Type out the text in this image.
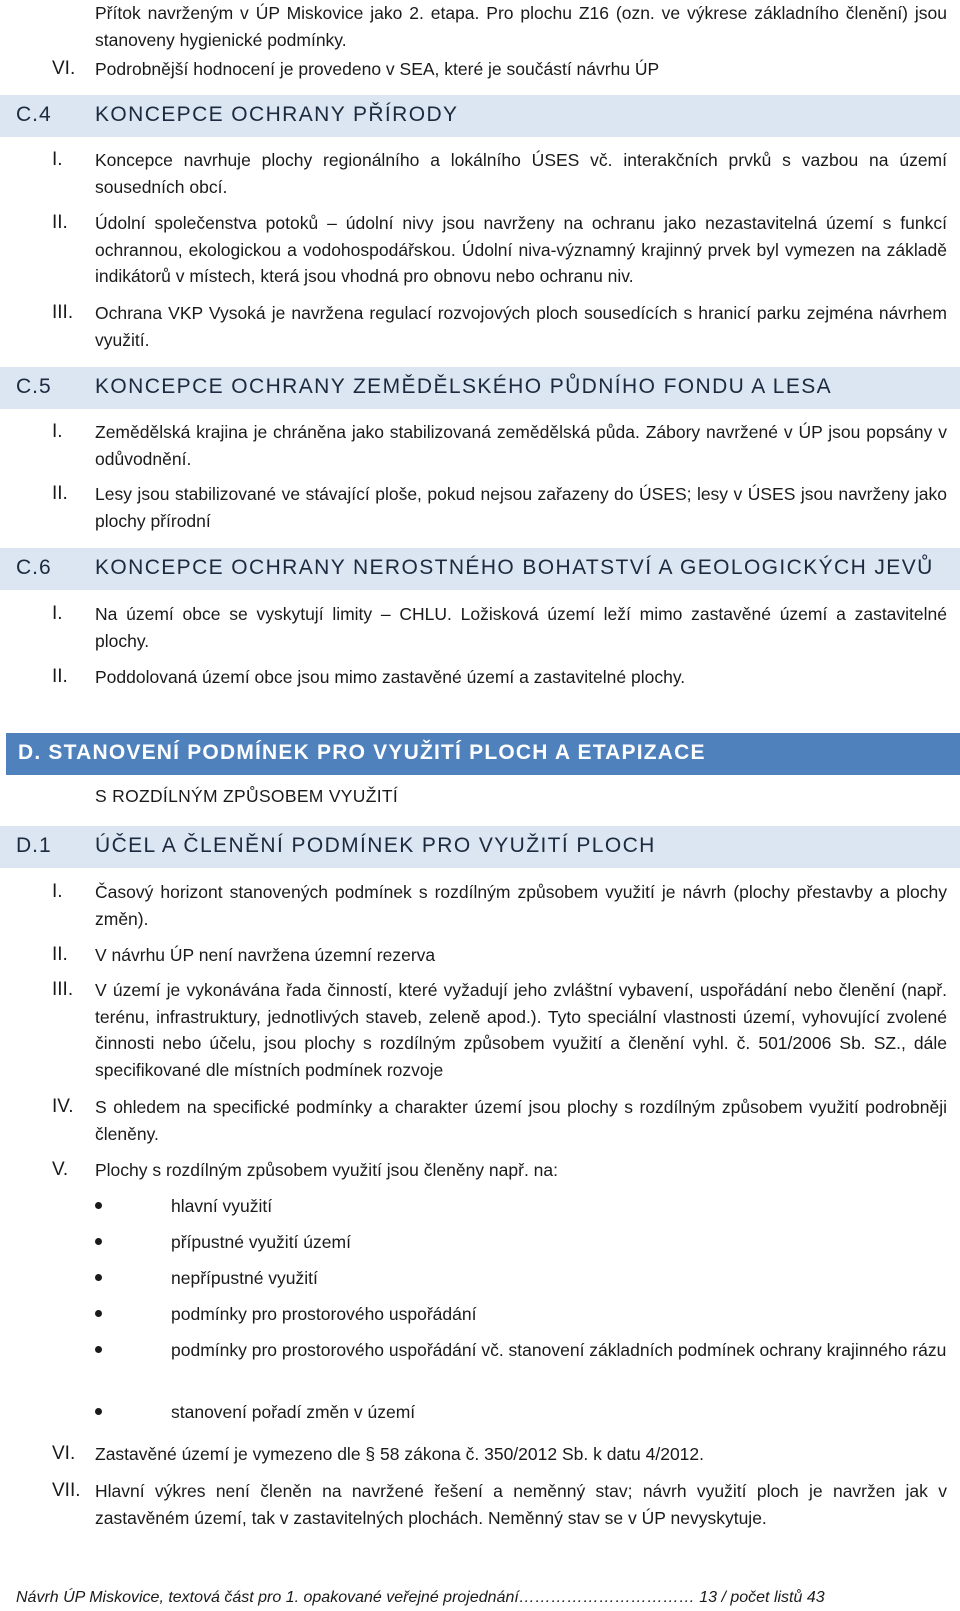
Přítok navrženým v ÚP Miskovice jako 2. etapa. Pro plochu Z16 (ozn. ve výkrese základního členění) jsou stanoveny hygienické podmínky.
VI. Podrobnější hodnocení je provedeno v SEA, které je součástí návrhu ÚP
C.4 KONCEPCE OCHRANY PŘÍRODY
I. Koncepce navrhuje plochy regionálního a lokálního ÚSES vč. interakčních prvků s vazbou na území sousedních obcí.
II. Údolní společenstva potoků – údolní nivy jsou navrženy na ochranu jako nezastavitelná území s funkcí ochrannou, ekologickou a vodohospodářskou. Údolní niva-významný krajinný prvek byl vymezen na základě indikátorů v místech, která jsou vhodná pro obnovu nebo ochranu niv.
III. Ochrana VKP Vysoká je navržena regulací rozvojových ploch sousedících s hranicí parku zejména návrhem využití.
C.5 KONCEPCE OCHRANY ZEMĚDĚLSKÉHO PŮDNÍHO FONDU A LESA
I. Zemědělská krajina je chráněna jako stabilizovaná zemědělská půda. Zábory navržené v ÚP jsou popsány v odůvodnění.
II. Lesy jsou stabilizované ve stávající ploše, pokud nejsou zařazeny do ÚSES; lesy v ÚSES jsou navrženy jako plochy přírodní
C.6 KONCEPCE OCHRANY NEROSTNÉHO BOHATSTVÍ A GEOLOGICKÝCH JEVŮ
I. Na území obce se vyskytují limity – CHLU. Ložisková území leží mimo zastavěné území a zastavitelné plochy.
II. Poddolovaná území obce jsou mimo zastavěné území a zastavitelné plochy.
D. STANOVENÍ PODMÍNEK PRO VYUŽITÍ PLOCH A ETAPIZACE
S ROZDÍLNÝM ZPŮSOBEM VYUŽITÍ
D.1 ÚČEL A ČLENĚNÍ PODMÍNEK PRO VYUŽITÍ PLOCH
I. Časový horizont stanovených podmínek s rozdílným způsobem využití je návrh (plochy přestavby a plochy změn).
II. V návrhu ÚP není navržena územní rezerva
III. V území je vykonávána řada činností, které vyžadují jeho zvláštní vybavení, uspořádání nebo členění (např. terénu, infrastruktury, jednotlivých staveb, zeleně apod.). Tyto speciální vlastnosti území, vyhovující zvolené činnosti nebo účelu, jsou plochy s rozdílným způsobem využití a členění vyhl. č. 501/2006 Sb. SZ., dále specifikované dle místních podmínek rozvoje
IV. S ohledem na specifické podmínky a charakter území jsou plochy s rozdílným způsobem využití podrobněji členěny.
V. Plochy s rozdílným způsobem využití jsou členěny např. na:
hlavní využití
přípustné využití území
nepřípustné využití
podmínky pro prostorového uspořádání
podmínky pro prostorového uspořádání vč. stanovení základních podmínek ochrany krajinného rázu
stanovení pořadí změn v území
VI. Zastavěné území je vymezeno dle § 58 zákona č. 350/2012 Sb. k datu 4/2012.
VII. Hlavní výkres není členěn na navržené řešení a neměnný stav; návrh využití ploch je navržen jak v zastavěném území, tak v zastavitelných plochách. Neměnný stav se v ÚP nevyskytuje.
Návrh ÚP Miskovice, textová část pro 1. opakované veřejné projednání…………………………… 13 / počet listů 43
